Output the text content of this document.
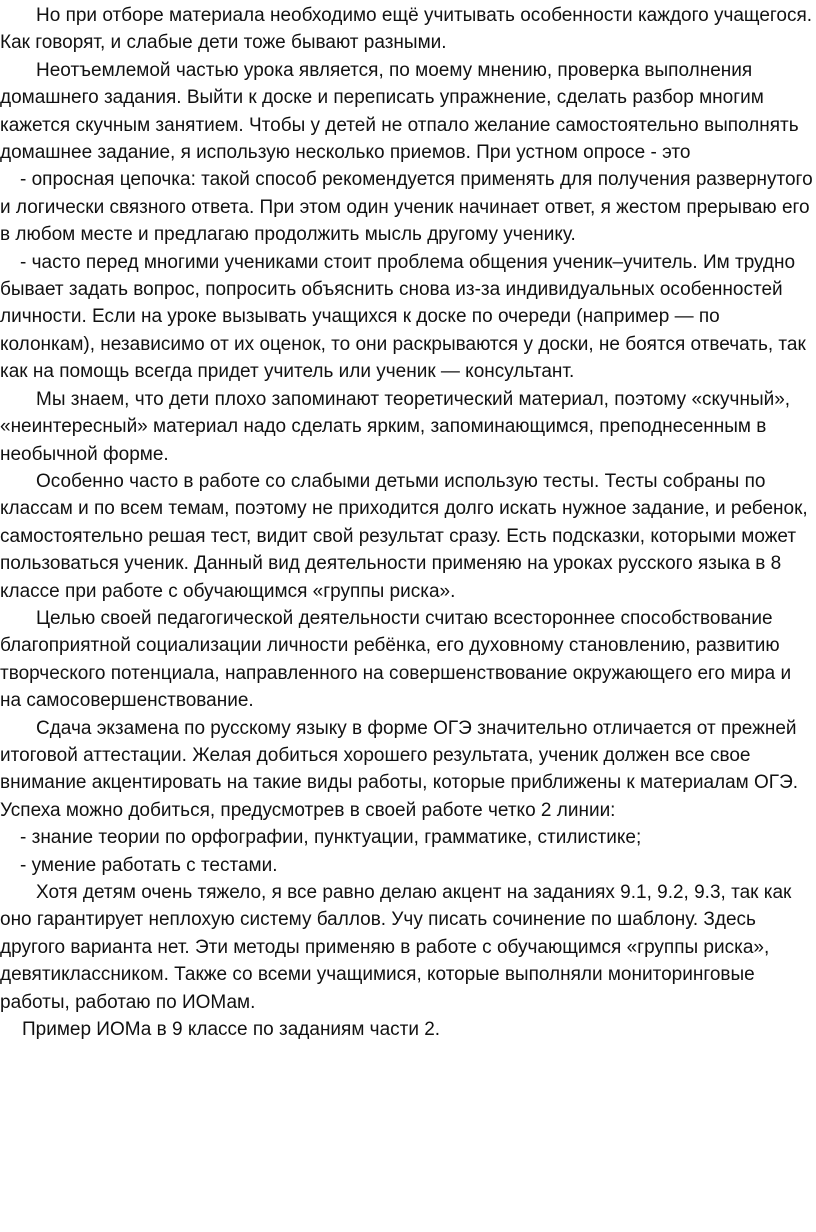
Но при отборе материала необходимо ещё учитывать особенности каждого учащегося. Как говорят, и слабые дети тоже бывают разными.

Неотъемлемой частью урока является, по моему мнению, проверка выполнения домашнего задания. Выйти к доске и переписать упражнение, сделать разбор многим кажется скучным занятием. Чтобы у детей не отпало желание самостоятельно выполнять домашнее задание, я использую несколько приемов. При устном опросе - это

- опросная цепочка: такой способ рекомендуется применять для получения развернутого и логически связного ответа. При этом один ученик начинает ответ, я жестом прерываю его в любом месте и предлагаю продолжить мысль другому ученику.

- часто перед многими учениками стоит проблема общения ученик–учитель. Им трудно бывает задать вопрос, попросить объяснить снова из-за индивидуальных особенностей личности. Если на уроке вызывать учащихся к доске по очереди (например — по колонкам), независимо от их оценок, то они раскрываются у доски, не боятся отвечать, так как на помощь всегда придет учитель или ученик — консультант.

Мы знаем, что дети плохо запоминают теоретический материал, поэтому «скучный», «неинтересный» материал надо сделать ярким, запоминающимся, преподнесенным в необычной форме.

Особенно часто в работе со слабыми детьми использую тесты. Тесты собраны по классам и по всем темам, поэтому не приходится долго искать нужное задание, и ребенок, самостоятельно решая тест, видит свой результат сразу. Есть подсказки, которыми может пользоваться ученик. Данный вид деятельности применяю на уроках русского языка в 8 классе при работе с обучающимся «группы риска».

Целью своей педагогической деятельности считаю всестороннее способствование благоприятной социализации личности ребёнка, его духовному становлению, развитию творческого потенциала, направленного на совершенствование окружающего его мира и на самосовершенствование.

Сдача экзамена по русскому языку в форме ОГЭ значительно отличается от прежней итоговой аттестации. Желая добиться хорошего результата, ученик должен все свое внимание акцентировать на такие виды работы, которые приближены к материалам ОГЭ. Успеха можно добиться, предусмотрев в своей работе четко 2 линии:

- знание теории по орфографии, пунктуации, грамматике, стилистике;

- умение работать с тестами.

Хотя детям очень тяжело, я все равно делаю акцент на заданиях 9.1, 9.2, 9.3, так как оно гарантирует неплохую систему баллов. Учу писать сочинение по шаблону. Здесь другого варианта нет. Эти методы применяю в работе с обучающимся «группы риска», девятиклассником. Также со всеми учащимися, которые выполняли мониторинговые работы, работаю по ИОМам.

Пример ИОМа в 9 классе по заданиям части 2.
